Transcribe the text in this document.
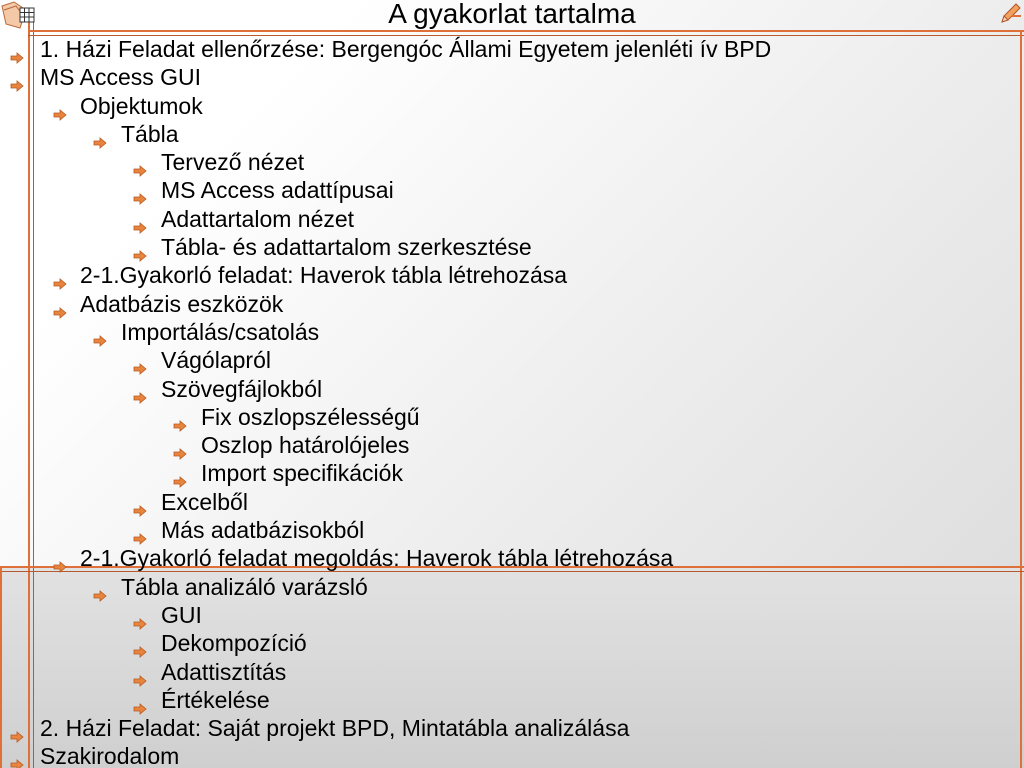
A gyakorlat tartalma
1. Házi Feladat ellenőrzése: Bergengóc Állami Egyetem jelenléti ív BPD
MS Access GUI
Objektumok
Tábla
Tervező nézet
MS Access adattípusai
Adattartalom nézet
Tábla- és adattartalom szerkesztése
2-1.Gyakorló feladat: Haverok tábla létrehozása
Adatbázis eszközök
Importálás/csatolás
Vágólapról
Szövegfájlokból
Fix oszlopszélességű
Oszlop határolójeles
Import specifikációk
Excelből
Más adatbázisokból
2-1.Gyakorló feladat megoldás: Haverok tábla létrehozása
Tábla analizáló varázsló
GUI
Dekompozíció
Adattisztítás
Értékelése
2. Házi Feladat: Saját projekt BPD, Mintatábla analizálása
Szakirodalom
